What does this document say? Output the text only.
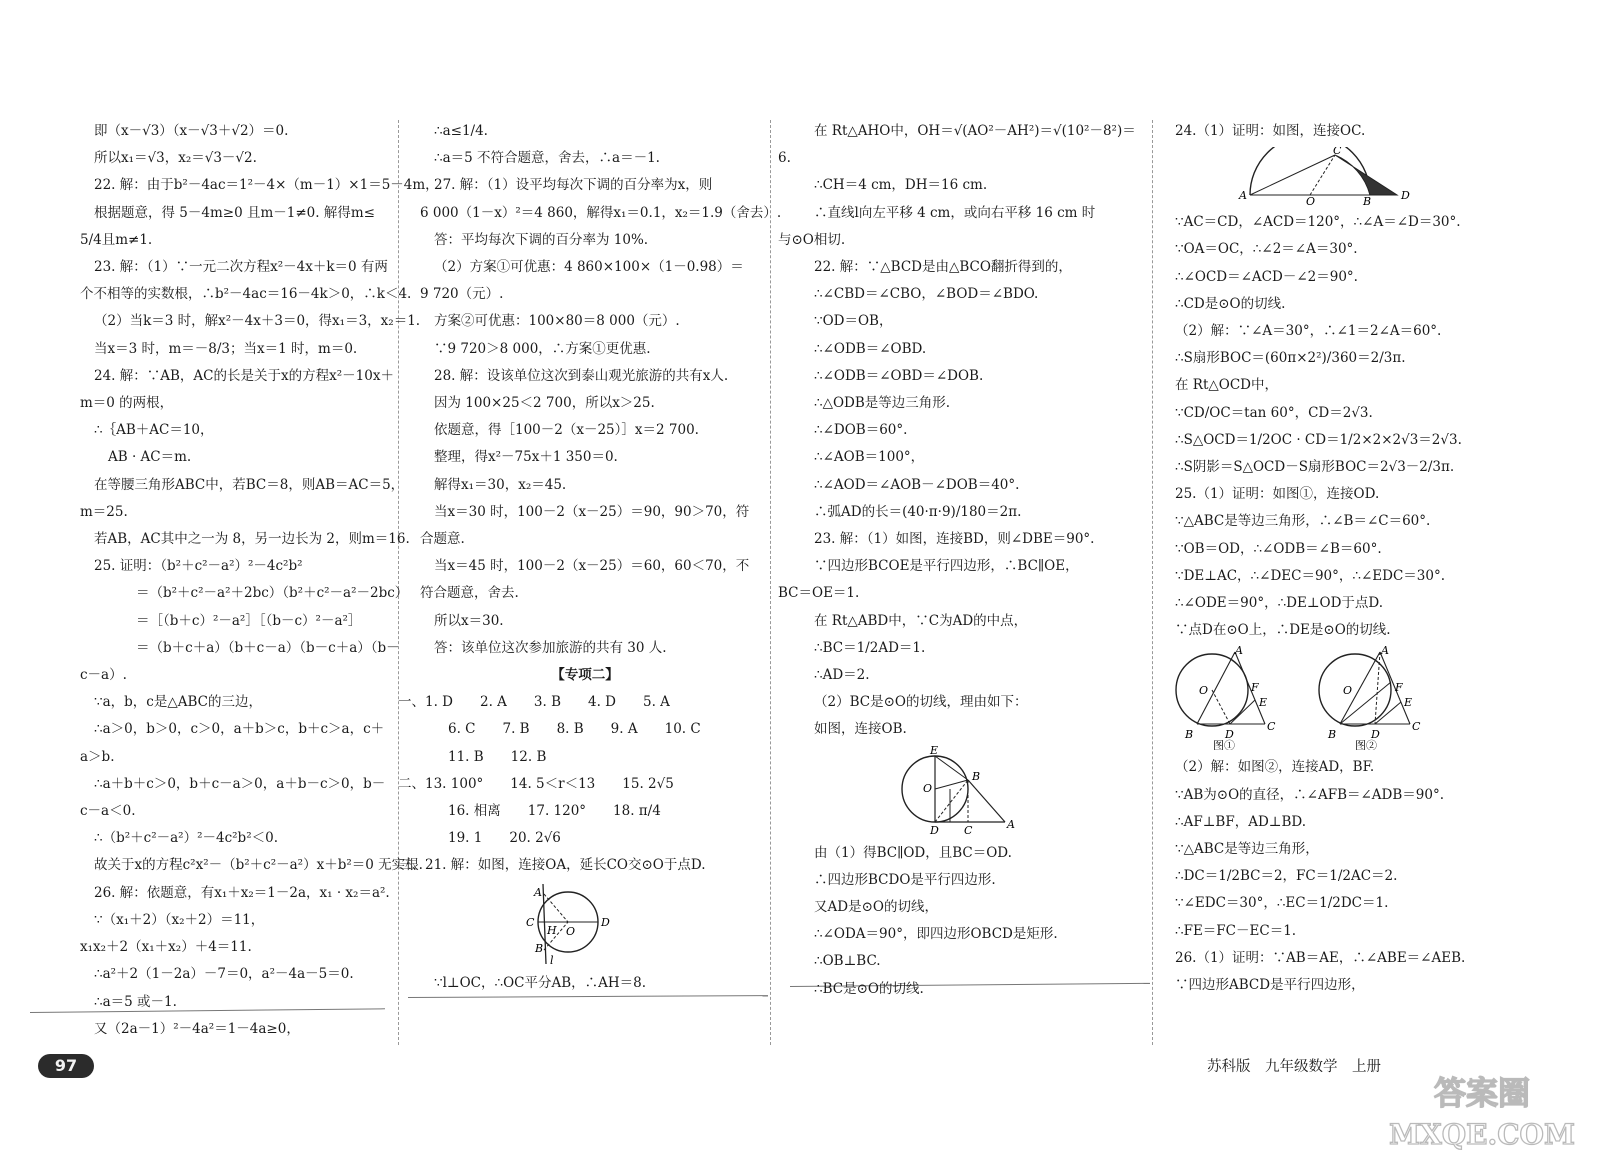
即（x－√3）（x－√3＋√2）＝0.

所以x₁＝√3，x₂＝√3－√2.

22. 解：由于b²－4ac＝1²－4×（m－1）×1＝5－4m，

根据题意，得 5－4m≥0 且m－1≠0. 解得m≤

5/4且m≠1.

23. 解：（1）∵一元二次方程x²－4x＋k＝0 有两

个不相等的实数根，∴b²－4ac＝16－4k＞0，∴k＜4.

（2）当k＝3 时，解x²－4x＋3＝0，得x₁＝3，x₂＝1.

当x＝3 时，m＝－8/3；当x＝1 时，m＝0.

24. 解：∵AB，AC的长是关于x的方程x²－10x＋

m＝0 的两根，

∴｛AB＋AC＝10，

AB · AC＝m.

在等腰三角形ABC中，若BC＝8，则AB＝AC＝5，

m＝25.

若AB，AC其中之一为 8，另一边长为 2，则m＝16.

25. 证明：（b²＋c²－a²）²－4c²b²

＝（b²＋c²－a²＋2bc）（b²＋c²－a²－2bc）

＝［（b＋c）²－a²］［（b－c）²－a²］

＝（b＋c＋a）（b＋c－a）（b－c＋a）（b－

c－a）.

∵a，b，c是△ABC的三边，

∴a＞0，b＞0，c＞0，a＋b＞c，b＋c＞a，c＋

a＞b.

∴a＋b＋c＞0，b＋c－a＞0，a＋b－c＞0，b－

c－a＜0.

∴（b²＋c²－a²）²－4c²b²＜0.

故关于x的方程c²x²－（b²＋c²－a²）x＋b²＝0 无实根.

26. 解：依题意，有x₁＋x₂＝1－2a，x₁ · x₂＝a².

∵（x₁＋2）（x₂＋2）＝11，

x₁x₂＋2（x₁＋x₂）＋4＝11.

∴a²＋2（1－2a）－7＝0，a²－4a－5＝0.

∴a＝5 或－1.

又（2a－1）²－4a²＝1－4a≥0，

∴a≤1/4.

∴a＝5 不符合题意，舍去，∴a＝－1.

27. 解：（1）设平均每次下调的百分率为x，则

6 000（1－x）²＝4 860，解得x₁＝0.1，x₂＝1.9（舍去）.

答：平均每次下调的百分率为 10%.

（2）方案①可优惠：4 860×100×（1－0.98）＝

9 720（元）.

方案②可优惠：100×80＝8 000（元）.

∵9 720＞8 000，∴方案①更优惠.

28. 解：设该单位这次到泰山观光旅游的共有x人.

因为 100×25＜2 700，所以x＞25.

依题意，得［100－2（x－25）］x＝2 700.

整理，得x²－75x＋1 350＝0.

解得x₁＝30，x₂＝45.

当x＝30 时，100－2（x－25）＝90，90＞70，符

合题意.

当x＝45 时，100－2（x－25）＝60，60＜70，不

符合题意，舍去.

所以x＝30.

答：该单位这次参加旅游的共有 30 人.

【专项二】

一、1. D　　2. A　　3. B　　4. D　　5. A

6. C　　7. B　　8. B　　9. A　　10. C

11. B　　12. B

二、13. 100°　　14. 5＜r＜13　　15. 2√5

16. 相离　　17. 120°　　18. π/4

19. 1　　20. 2√6

三、21. 解：如图，连接OA，延长CO交⊙O于点D.

A
C
H O
D
B
l

∵l⊥OC，∴OC平分AB，∴AH＝8.

在 Rt△AHO中，OH＝√(AO²－AH²)＝√(10²－8²)＝

6.

∴CH＝4 cm，DH＝16 cm.

∴直线l向左平移 4 cm，或向右平移 16 cm 时

与⊙O相切.

22. 解：∵△BCD是由△BCO翻折得到的，

∴∠CBD＝∠CBO，∠BOD＝∠BDO.

∵OD＝OB，

∴∠ODB＝∠OBD.

∴∠ODB＝∠OBD＝∠DOB.

∴△ODB是等边三角形.

∴∠DOB＝60°.

∴∠AOB＝100°，

∴∠AOD＝∠AOB－∠DOB＝40°.

∴弧AD的长＝(40·π·9)/180＝2π.

23. 解：（1）如图，连接BD，则∠DBE＝90°.

∵四边形BCOE是平行四边形，∴BC∥OE，

BC＝OE＝1.

在 Rt△ABD中，∵C为AD的中点，

∴BC＝1/2AD＝1.

∴AD＝2.

（2）BC是⊙O的切线，理由如下：

如图，连接OB.

E
O
B
D C	A

由（1）得BC∥OD，且BC＝OD.

∴四边形BCDO是平行四边形.

又AD是⊙O的切线，

∴∠ODA＝90°，即四边形OBCD是矩形.

∴OB⊥BC.

∴BC是⊙O的切线.

24.（1）证明：如图，连接OC.

C
A	O	B	D

∵AC＝CD，∠ACD＝120°，∴∠A＝∠D＝30°.

∵OA＝OC，∴∠2＝∠A＝30°.

∴∠OCD＝∠ACD－∠2＝90°.

∴CD是⊙O的切线.

（2）解：∵∠A＝30°，∴∠1＝2∠A＝60°.

∴S扇形BOC＝(60π×2²)/360＝2/3π.

在 Rt△OCD中，

∵CD/OC＝tan 60°，CD＝2√3.

∴S△OCD＝1/2OC · CD＝1/2×2×2√3＝2√3.

∴S阴影＝S△OCD－S扇形BOC＝2√3－2/3π.

25.（1）证明：如图①，连接OD.

∵△ABC是等边三角形，∴∠B＝∠C＝60°.

∵OB＝OD，∴∠ODB＝∠B＝60°.

∵DE⊥AC，∴∠DEC＝90°，∴∠EDC＝30°.

∴∠ODE＝90°，∴DE⊥OD于点D.

∵点D在⊙O上，∴DE是⊙O的切线.

A
O	F
E
D
C
B
图①
A
O	F
E
D
C
B
图②

（2）解：如图②，连接AD，BF.

∵AB为⊙O的直径，∴∠AFB＝∠ADB＝90°.

∴AF⊥BF，AD⊥BD.

∵△ABC是等边三角形，

∴DC＝1/2BC＝2，FC＝1/2AC＝2.

∵∠EDC＝30°，∴EC＝1/2DC＝1.

∴FE＝FC－EC＝1.

26.（1）证明：∵AB＝AE，∴∠ABE＝∠AEB.

∵四边形ABCD是平行四边形，

97	苏科版　九年级数学　上册
答案圈
MXQE.COM
